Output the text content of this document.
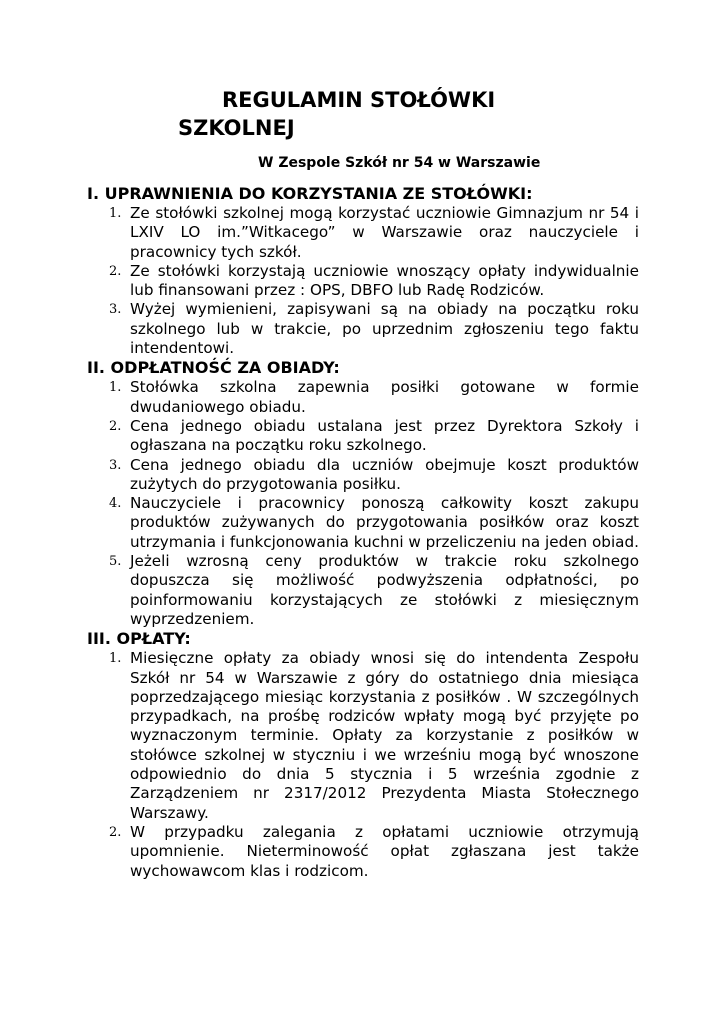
REGULAMIN STOŁÓWKI SZKOLNEJ

W Zespole Szkół nr 54 w Warszawie

I. UPRAWNIENIA DO KORZYSTANIA ZE STOŁÓWKI:
1. Ze stołówki szkolnej mogą korzystać uczniowie Gimnazjum nr 54 i LXIV LO im.”Witkacego” w Warszawie oraz nauczyciele i pracownicy tych szkół.
2. Ze stołówki korzystają uczniowie wnoszący opłaty indywidualnie lub finansowani przez : OPS, DBFO lub Radę Rodziców.
3. Wyżej wymienieni, zapisywani są na obiady na początku roku szkolnego lub w trakcie, po uprzednim zgłoszeniu tego faktu intendentowi.
II. ODPŁATNOŚĆ ZA OBIADY:
1. Stołówka szkolna zapewnia posiłki gotowane w formie dwudaniowego obiadu.
2. Cena jednego obiadu ustalana jest przez Dyrektora Szkoły i ogłaszana na początku roku szkolnego.
3. Cena jednego obiadu dla uczniów obejmuje koszt produktów zużytych do przygotowania posiłku.
4. Nauczyciele i pracownicy ponoszą całkowity koszt zakupu produktów zużywanych do przygotowania posiłków oraz koszt utrzymania i funkcjonowania kuchni w przeliczeniu na jeden obiad.
5. Jeżeli wzrosną ceny produktów w trakcie roku szkolnego dopuszcza się możliwość podwyższenia odpłatności, po poinformowaniu korzystających ze stołówki z miesięcznym wyprzedzeniem.
III. OPŁATY:
1. Miesięczne opłaty za obiady wnosi się do intendenta Zespołu Szkół nr 54 w Warszawie z góry do ostatniego dnia miesiąca poprzedzającego miesiąc korzystania z posiłków . W szczególnych przypadkach, na prośbę rodziców wpłaty mogą być przyjęte po wyznaczonym terminie. Opłaty za korzystanie z posiłków w stołówce szkolnej w styczniu i we wrześniu mogą być wnoszone odpowiednio do dnia 5 stycznia i 5 września zgodnie z Zarządzeniem nr 2317/2012 Prezydenta Miasta Stołecznego Warszawy.
2. W przypadku zalegania z opłatami uczniowie otrzymują upomnienie. Nieterminowość opłat zgłaszana jest także wychowawcom klas i rodzicom.
